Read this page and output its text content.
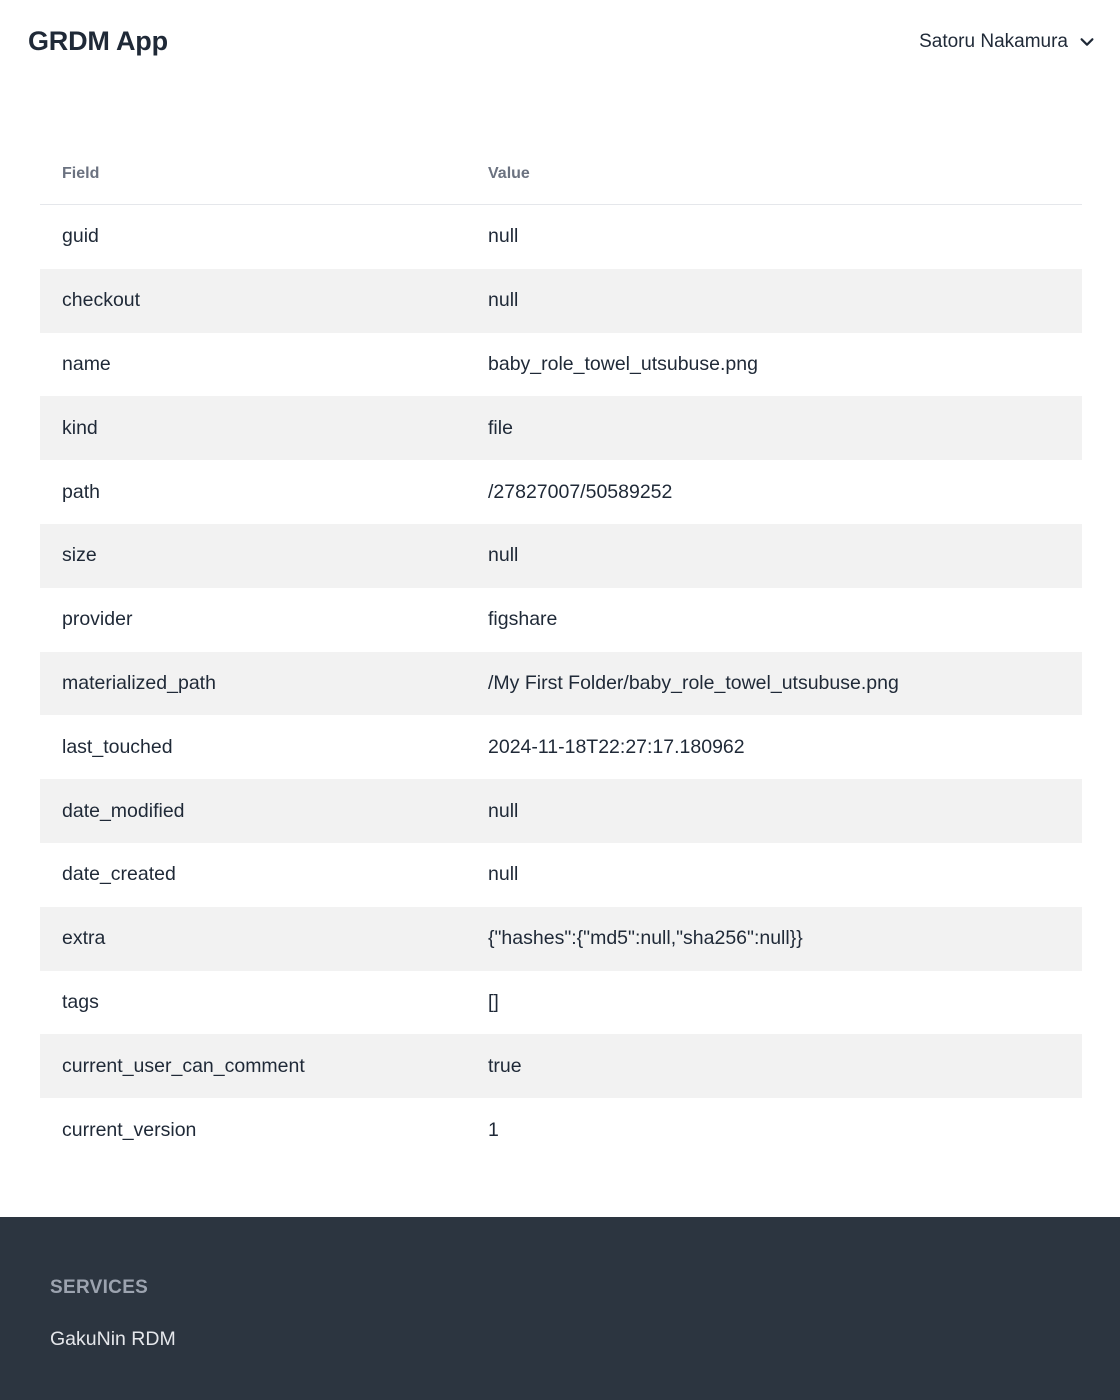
GRDM App	Satoru Nakamura
Field	Value
guid	null
checkout	null
name	baby_role_towel_utsubuse.png
kind	file
path	/27827007/50589252
size	null
provider	figshare
materialized_path	/My First Folder/baby_role_towel_utsubuse.png
last_touched	2024-11-18T22:27:17.180962
date_modified	null
date_created	null
extra	{"hashes":{"md5":null,"sha256":null}}
tags	[]
current_user_can_comment	true
current_version	1
SERVICES
GakuNin RDM
